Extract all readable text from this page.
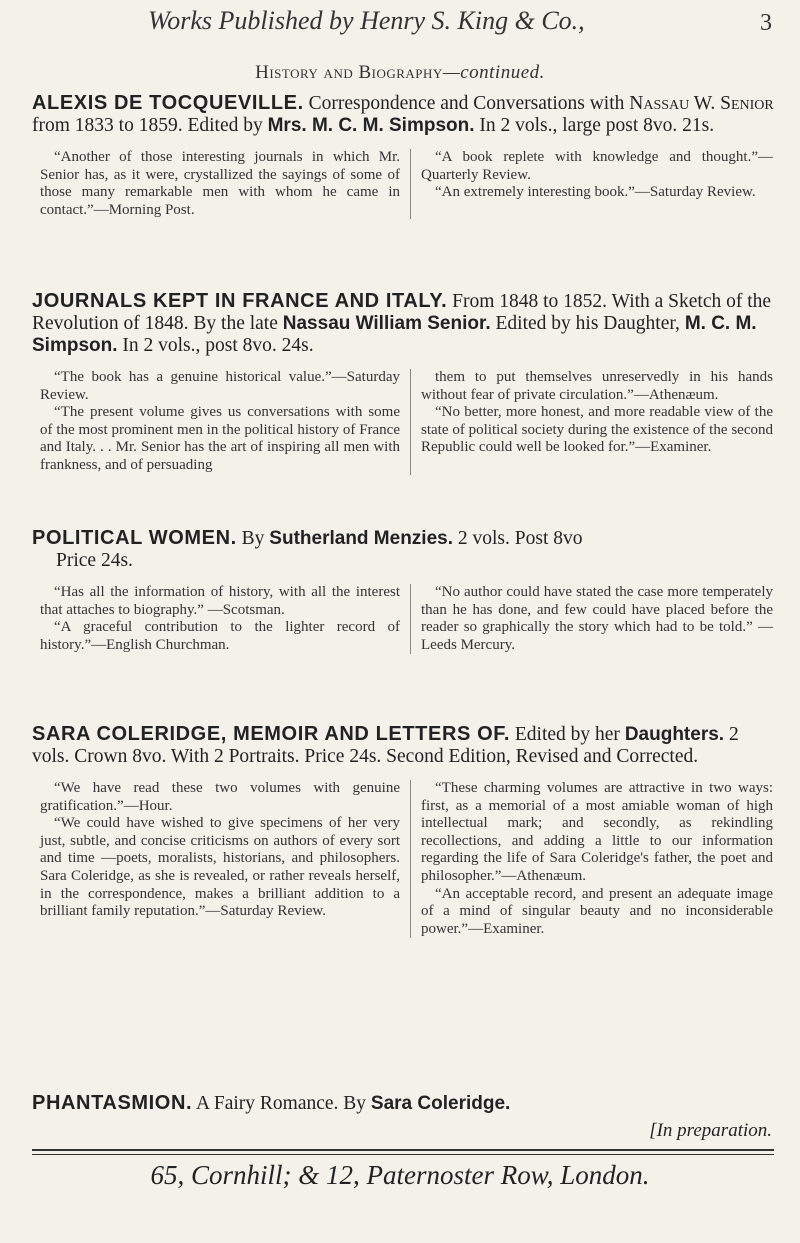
Works Published by Henry S. King & Co.,	3
History and Biography—continued.

ALEXIS DE TOCQUEVILLE. Correspondence and Conversations with Nassau W. Senior from 1833 to 1859. Edited by Mrs. M. C. M. Simpson. In 2 vols., large post 8vo. 21s.

“Another of those interesting journals in which Mr. Senior has, as it were, crystallized the sayings of some of those many remarkable men with whom he came in contact.”—Morning Post.

“A book replete with knowledge and thought.”—Quarterly Review.

“An extremely interesting book.”—Saturday Review.

JOURNALS KEPT IN FRANCE AND ITALY. From 1848 to 1852. With a Sketch of the Revolution of 1848. By the late Nassau William Senior. Edited by his Daughter, M. C. M. Simpson. In 2 vols., post 8vo. 24s.

“The book has a genuine historical value.”—Saturday Review.

“The present volume gives us conversations with some of the most prominent men in the political history of France and Italy. . . Mr. Senior has the art of inspiring all men with frankness, and of persuading

them to put themselves unreservedly in his hands without fear of private circulation.”—Athenæum.

“No better, more honest, and more readable view of the state of political society during the existence of the second Republic could well be looked for.”—Examiner.

POLITICAL WOMEN. By Sutherland Menzies. 2 vols. Post 8vo
Price 24s.

“Has all the information of history, with all the interest that attaches to biography.” —Scotsman.

“A graceful contribution to the lighter record of history.”—English Churchman.

“No author could have stated the case more temperately than he has done, and few could have placed before the reader so graphically the story which had to be told.” —Leeds Mercury.

SARA COLERIDGE, MEMOIR AND LETTERS OF. Edited by her Daughters. 2 vols. Crown 8vo. With 2 Portraits. Price 24s. Second Edition, Revised and Corrected.

“We have read these two volumes with genuine gratification.”—Hour.

“We could have wished to give specimens of her very just, subtle, and concise criticisms on authors of every sort and time —poets, moralists, historians, and philosophers. Sara Coleridge, as she is revealed, or rather reveals herself, in the correspondence, makes a brilliant addition to a brilliant family reputation.”—Saturday Review.

“These charming volumes are attractive in two ways: first, as a memorial of a most amiable woman of high intellectual mark; and secondly, as rekindling recollections, and adding a little to our information regarding the life of Sara Coleridge's father, the poet and philosopher.”—Athenæum.

“An acceptable record, and present an adequate image of a mind of singular beauty and no inconsiderable power.”—Examiner.

PHANTASMION. A Fairy Romance. By Sara Coleridge.

[In preparation.
65, Cornhill; & 12, Paternoster Row, London.
